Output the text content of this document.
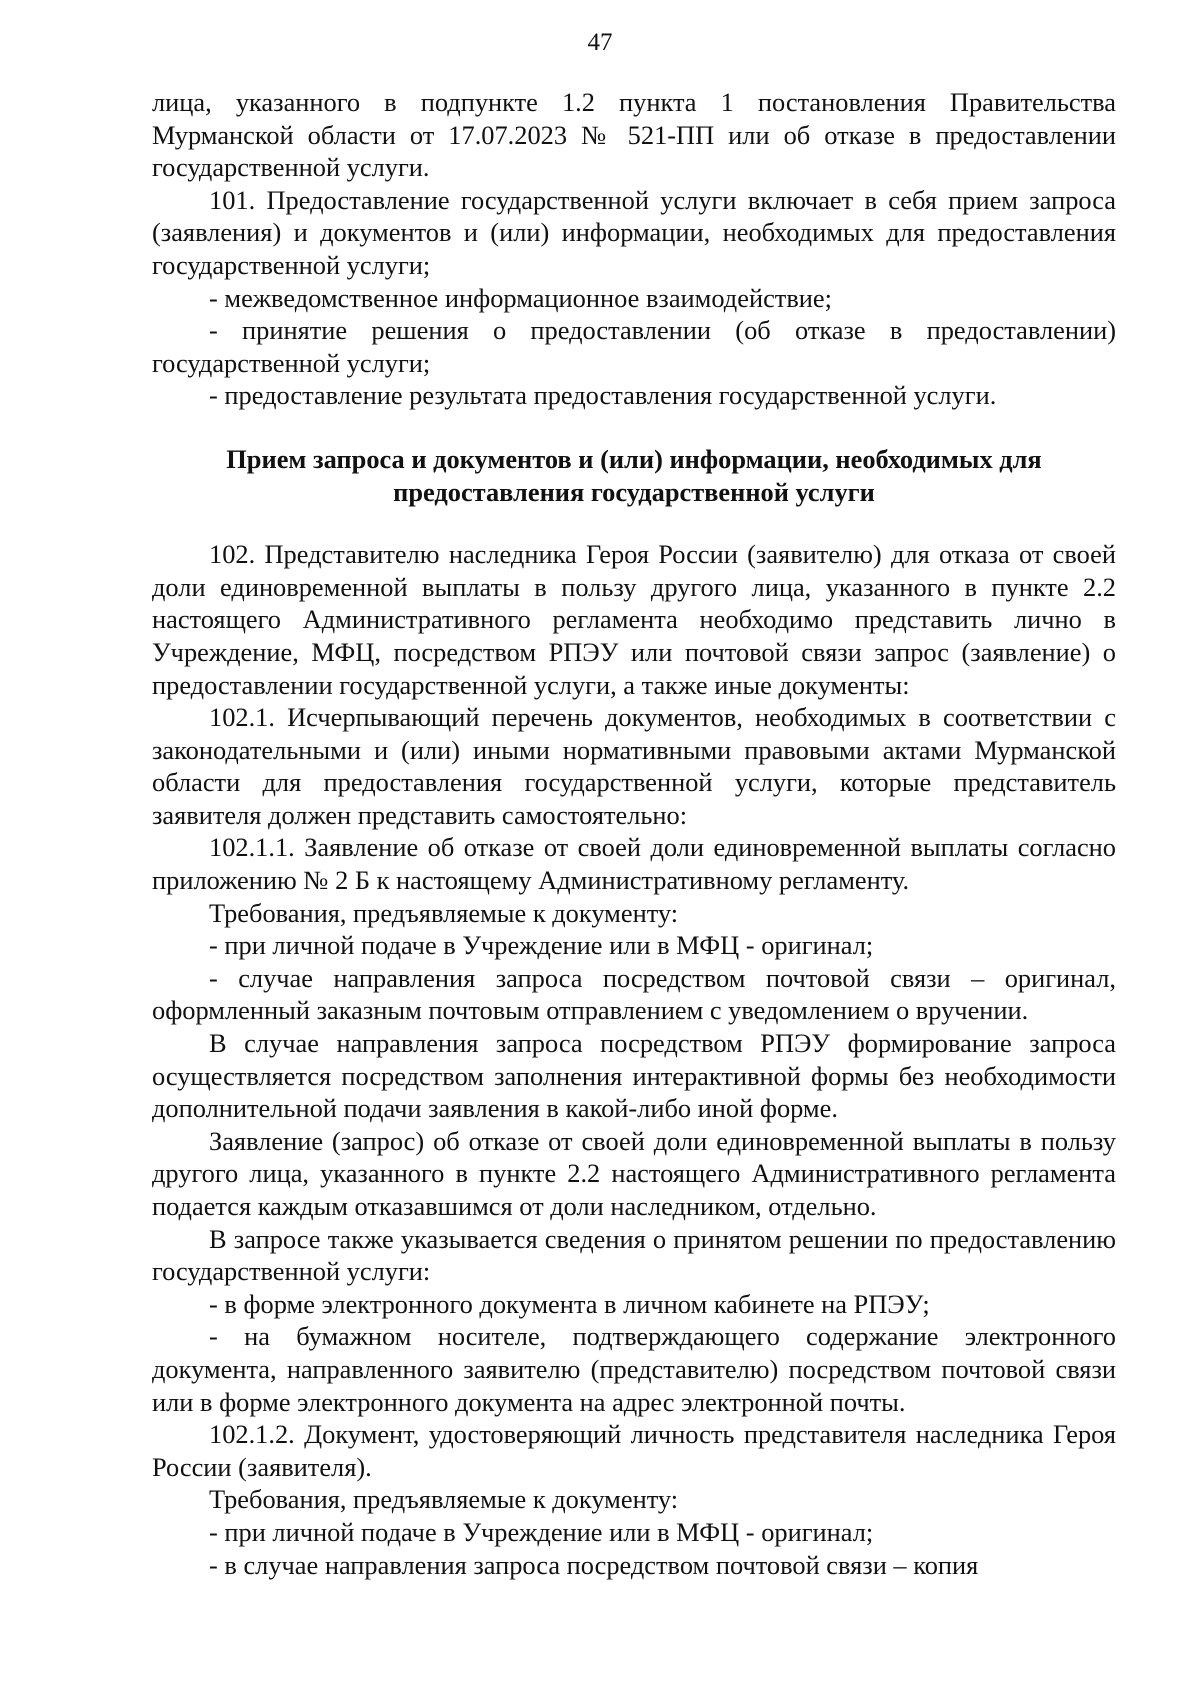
47

лица, указанного в подпункте 1.2 пункта 1 постановления Правительства Мурманской области от 17.07.2023 № 521-ПП или об отказе в предоставлении государственной услуги.

101. Предоставление государственной услуги включает в себя прием запроса (заявления) и документов и (или) информации, необходимых для предоставления государственной услуги;

- межведомственное информационное взаимодействие;

- принятие решения о предоставлении (об отказе в предоставлении) государственной услуги;

- предоставление результата предоставления государственной услуги.

Прием запроса и документов и (или) информации, необходимых для
предоставления государственной услуги

102. Представителю наследника Героя России (заявителю) для отказа от своей доли единовременной выплаты в пользу другого лица, указанного в пункте 2.2 настоящего Административного регламента необходимо представить лично в Учреждение, МФЦ, посредством РПЭУ или почтовой связи запрос (заявление) о предоставлении государственной услуги, а также иные документы:

102.1. Исчерпывающий перечень документов, необходимых в соответствии с законодательными и (или) иными нормативными правовыми актами Мурманской области для предоставления государственной услуги, которые представитель заявителя должен представить самостоятельно:

102.1.1. Заявление об отказе от своей доли единовременной выплаты согласно приложению № 2 Б к настоящему Административному регламенту.

Требования, предъявляемые к документу:

- при личной подаче в Учреждение или в МФЦ - оригинал;

- случае направления запроса посредством почтовой связи – оригинал, оформленный заказным почтовым отправлением с уведомлением о вручении.

В случае направления запроса посредством РПЭУ формирование запроса осуществляется посредством заполнения интерактивной формы без необходимости дополнительной подачи заявления в какой-либо иной форме.

Заявление (запрос) об отказе от своей доли единовременной выплаты в пользу другого лица, указанного в пункте 2.2 настоящего Административного регламента подается каждым отказавшимся от доли наследником, отдельно.

В запросе также указывается сведения о принятом решении по предоставлению государственной услуги:

- в форме электронного документа в личном кабинете на РПЭУ;

- на бумажном носителе, подтверждающего содержание электронного документа, направленного заявителю (представителю) посредством почтовой связи или в форме электронного документа на адрес электронной почты.

102.1.2. Документ, удостоверяющий личность представителя наследника Героя России (заявителя).

Требования, предъявляемые к документу:

- при личной подаче в Учреждение или в МФЦ - оригинал;

- в случае направления запроса посредством почтовой связи – копия
